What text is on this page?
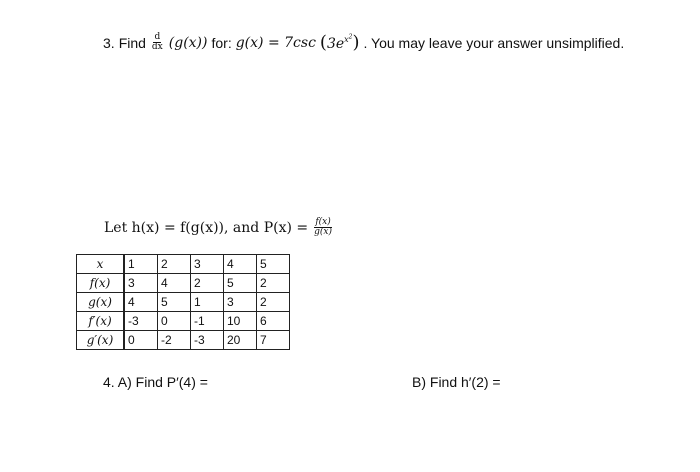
3. Find $\frac{d}{dx} (g(x))$ for: g(x) = 7csc $(3e^{x^2})$ . You may leave your answer unsimplified.
Let h(x) = f(g(x)), and $P(x) = \frac{f(x)}{g(x)}$
x	1	2	3	4	5
f(x)	3	4	2	5	2
g(x)	4	5	1	3	2
f′(x)	-3	0	-1	10	6
g′(x)	0	-2	-3	20	7
4. A) Find P′(4) =	B) Find h′(2) =
